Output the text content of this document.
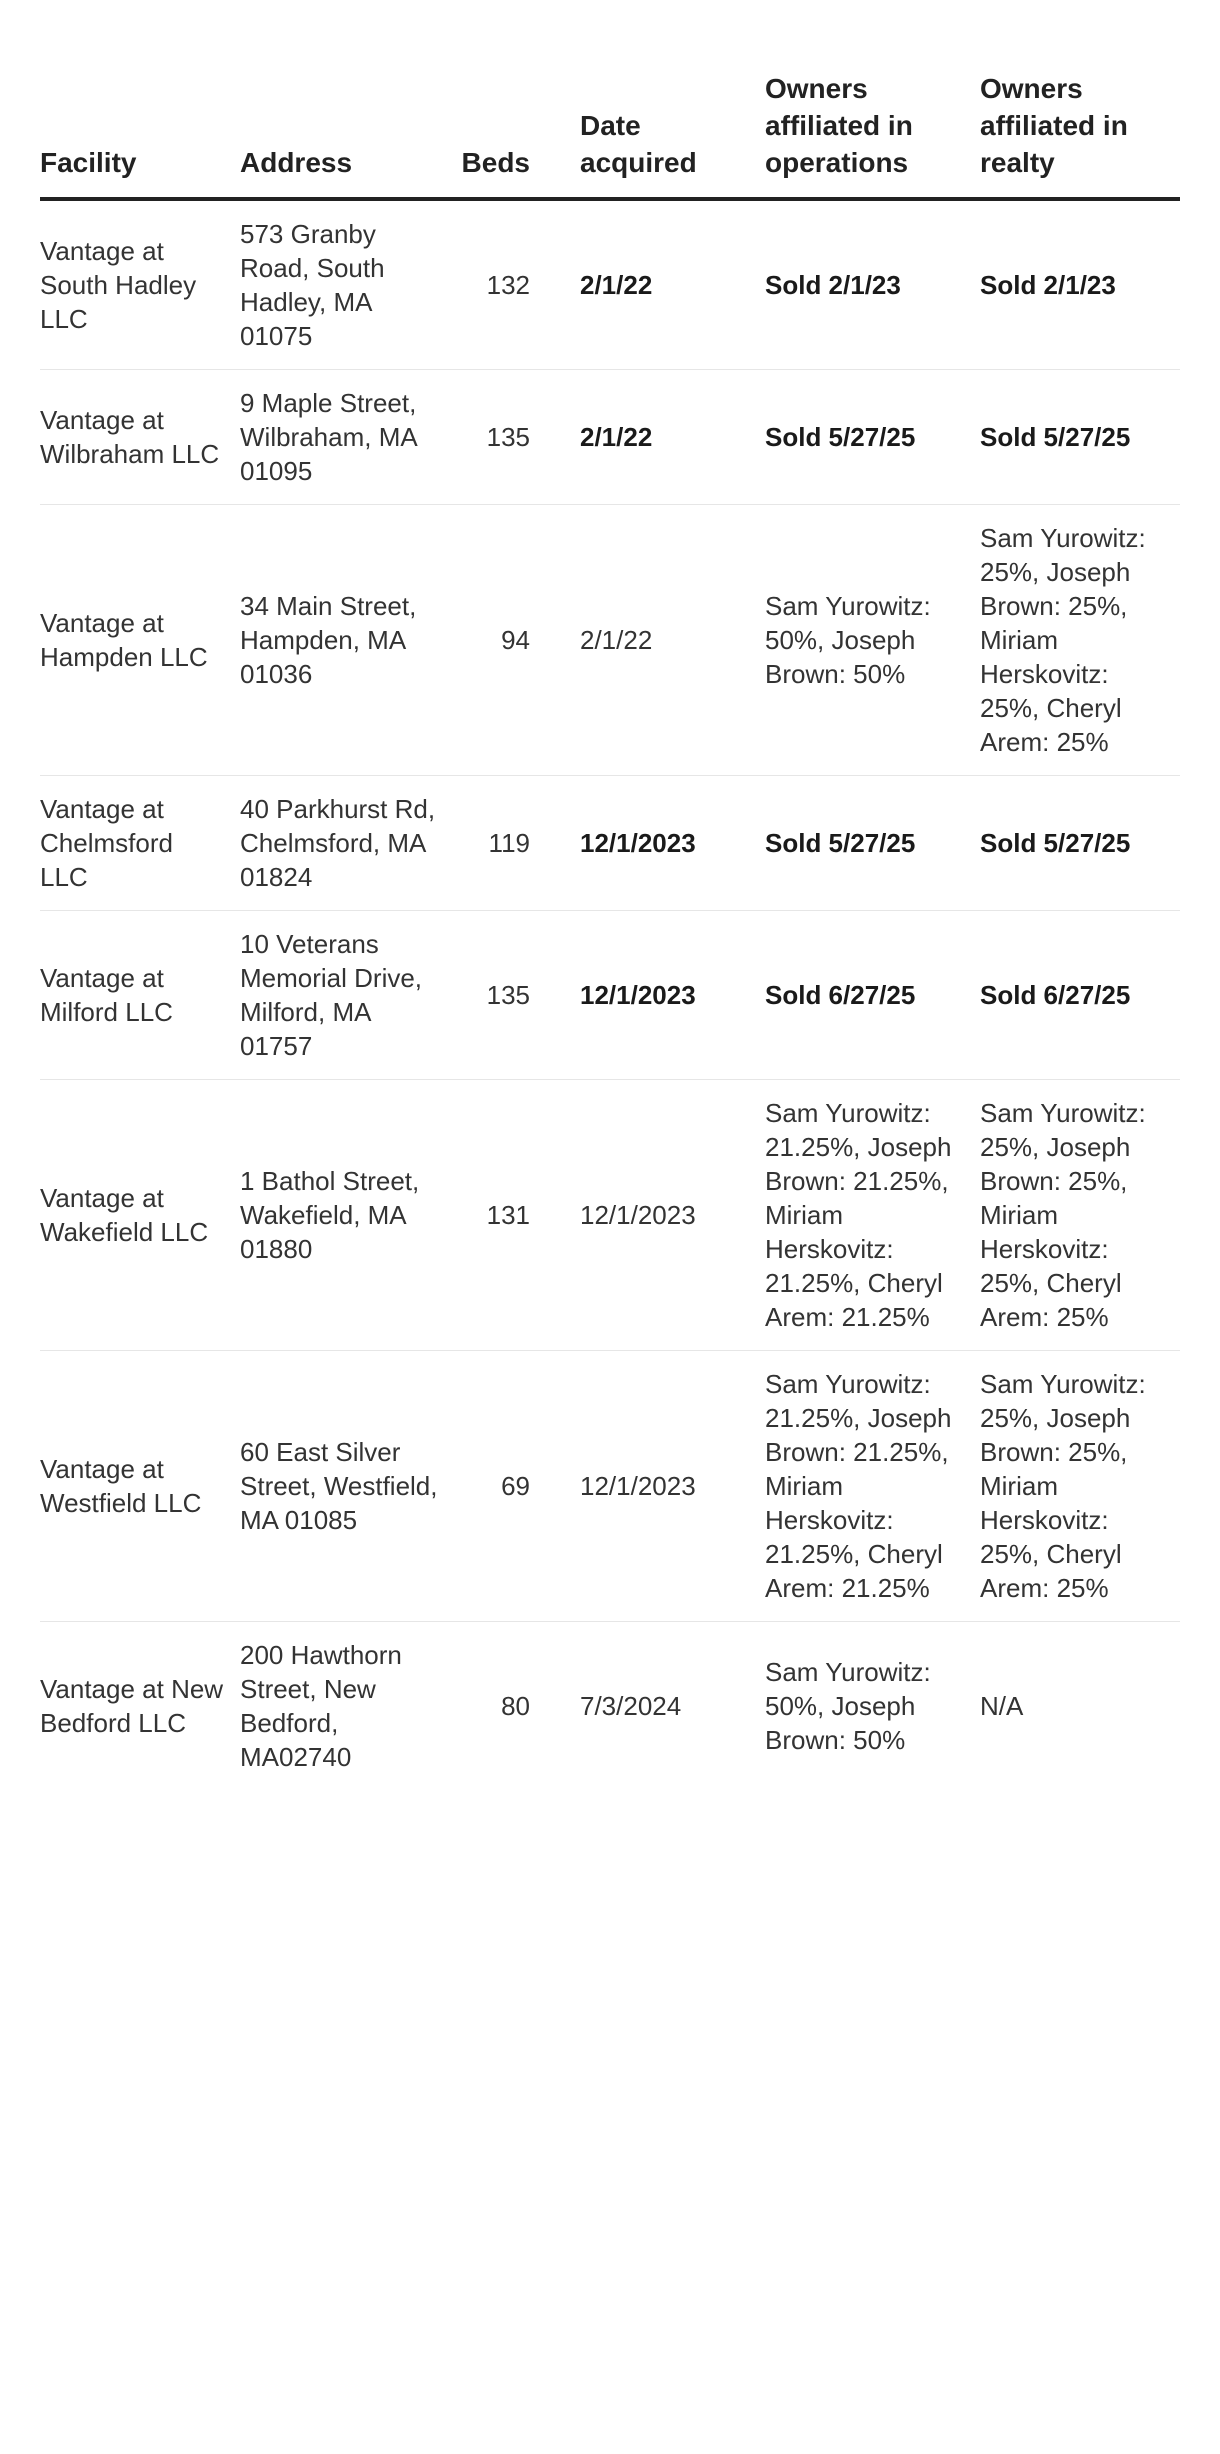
Facility	Address	Beds	Date acquired	Owners affiliated in operations	Owners affiliated in realty
Vantage at South Hadley LLC	573 Granby Road, South Hadley, MA 01075	132	2/1/22	Sold 2/1/23	Sold 2/1/23
Vantage at Wilbraham LLC	9 Maple Street, Wilbraham, MA 01095	135	2/1/22	Sold 5/27/25	Sold 5/27/25
Vantage at Hampden LLC	34 Main Street, Hampden, MA 01036	94	2/1/22	Sam Yurowitz: 50%, Joseph Brown: 50%	Sam Yurowitz: 25%, Joseph Brown: 25%, Miriam Herskovitz: 25%, Cheryl Arem: 25%
Vantage at Chelmsford LLC	40 Parkhurst Rd, Chelmsford, MA 01824	119	12/1/2023	Sold 5/27/25	Sold 5/27/25
Vantage at Milford LLC	10 Veterans Memorial Drive, Milford, MA 01757	135	12/1/2023	Sold 6/27/25	Sold 6/27/25
Vantage at Wakefield LLC	1 Bathol Street, Wakefield, MA 01880	131	12/1/2023	Sam Yurowitz: 21.25%, Joseph Brown: 21.25%, Miriam Herskovitz: 21.25%, Cheryl Arem: 21.25%	Sam Yurowitz: 25%, Joseph Brown: 25%, Miriam Herskovitz: 25%, Cheryl Arem: 25%
Vantage at Westfield LLC	60 East Silver Street, Westfield, MA 01085	69	12/1/2023	Sam Yurowitz: 21.25%, Joseph Brown: 21.25%, Miriam Herskovitz: 21.25%, Cheryl Arem: 21.25%	Sam Yurowitz: 25%, Joseph Brown: 25%, Miriam Herskovitz: 25%, Cheryl Arem: 25%
Vantage at New Bedford LLC	200 Hawthorn Street, New Bedford, MA02740	80	7/3/2024	Sam Yurowitz: 50%, Joseph Brown: 50%	N/A
